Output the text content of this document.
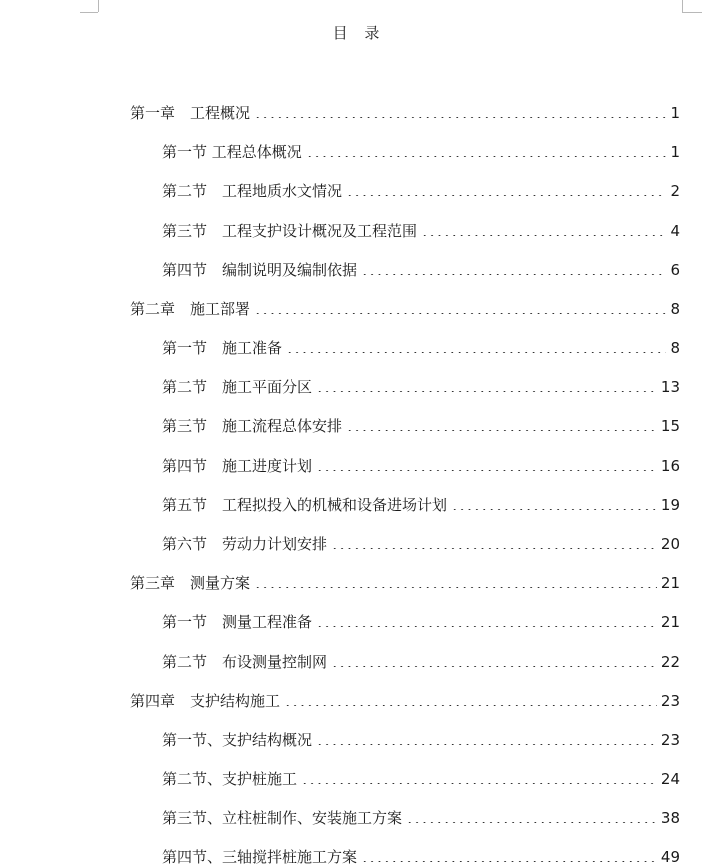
目 录
第一章　工程概况	1
第一节 工程总体概况	1
第二节　工程地质水文情况	2
第三节　工程支护设计概况及工程范围	4
第四节　编制说明及编制依据	6
第二章　施工部署	8
第一节　施工准备	8
第二节　施工平面分区	13
第三节　施工流程总体安排	15
第四节　施工进度计划	16
第五节　工程拟投入的机械和设备进场计划	19
第六节　劳动力计划安排	20
第三章　测量方案	21
第一节　测量工程准备	21
第二节　布设测量控制网	22
第四章　支护结构施工	23
第一节、支护结构概况	23
第二节、支护桩施工	24
第三节、立柱桩制作、安装施工方案	38
第四节、三轴搅拌桩施工方案	49
